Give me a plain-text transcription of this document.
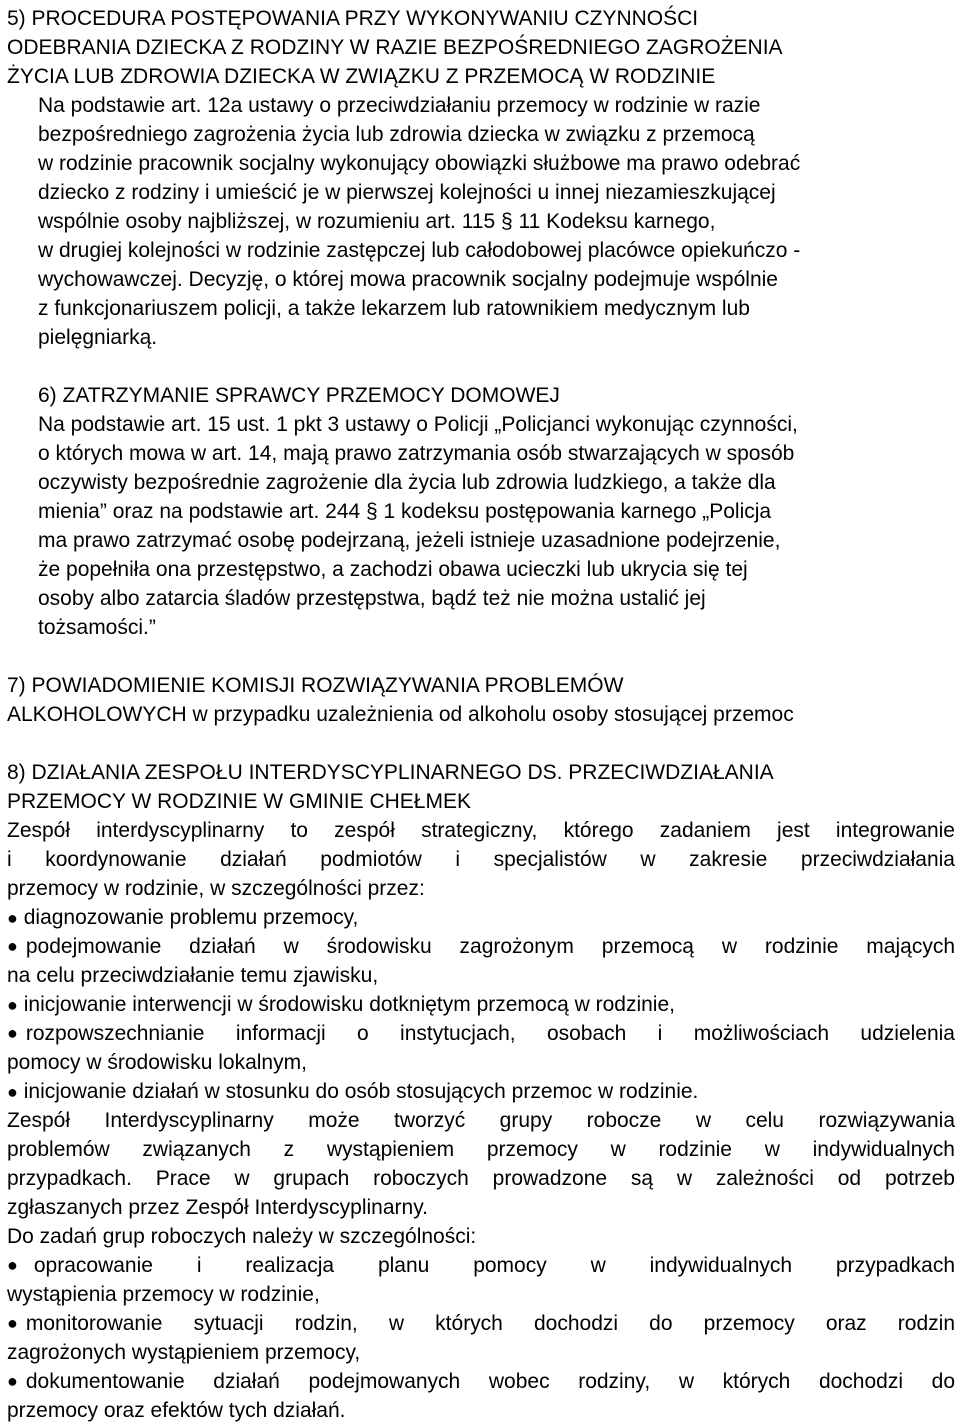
5) PROCEDURA POSTĘPOWANIA PRZY WYKONYWANIU CZYNNOŚCI
ODEBRANIA DZIECKA Z RODZINY W RAZIE BEZPOŚREDNIEGO ZAGROŻENIA
ŻYCIA LUB ZDROWIA DZIECKA W ZWIĄZKU Z PRZEMOCĄ W RODZINIE
Na podstawie art. 12a ustawy o przeciwdziałaniu przemocy w rodzinie w razie
bezpośredniego zagrożenia życia lub zdrowia dziecka w związku z przemocą
w rodzinie pracownik socjalny wykonujący obowiązki służbowe ma prawo odebrać
dziecko z rodziny i umieścić je w pierwszej kolejności u innej niezamieszkującej
wspólnie osoby najbliższej, w rozumieniu art. 115 § 11 Kodeksu karnego,
w drugiej kolejności w rodzinie zastępczej lub całodobowej placówce opiekuńczo -
wychowawczej. Decyzję, o której mowa pracownik socjalny podejmuje wspólnie
z funkcjonariuszem policji, a także lekarzem lub ratownikiem medycznym lub
pielęgniarką.
6) ZATRZYMANIE SPRAWCY PRZEMOCY DOMOWEJ
Na podstawie art. 15 ust. 1 pkt 3 ustawy o Policji „Policjanci wykonując czynności,
o których mowa w art. 14, mają prawo zatrzymania osób stwarzających w sposób
oczywisty bezpośrednie zagrożenie dla życia lub zdrowia ludzkiego, a także dla
mienia” oraz na podstawie art. 244 § 1 kodeksu postępowania karnego „Policja
ma prawo zatrzymać osobę podejrzaną, jeżeli istnieje uzasadnione podejrzenie,
że popełniła ona przestępstwo, a zachodzi obawa ucieczki lub ukrycia się tej
osoby albo zatarcia śladów przestępstwa, bądź też nie można ustalić jej
tożsamości.”
7) POWIADOMIENIE KOMISJI ROZWIĄZYWANIA PROBLEMÓW
ALKOHOLOWYCH w przypadku uzależnienia od alkoholu osoby stosującej przemoc
8) DZIAŁANIA ZESPOŁU INTERDYSCYPLINARNEGO DS. PRZECIWDZIAŁANIA
PRZEMOCY W RODZINIE W GMINIE CHEŁMEK
Zespół interdyscyplinarny to zespół strategiczny, którego zadaniem jest integrowanie
i koordynowanie działań podmiotów i specjalistów w zakresie przeciwdziałania
przemocy w rodzinie, w szczególności przez:
● diagnozowanie problemu przemocy,
● podejmowanie działań w środowisku zagrożonym przemocą w rodzinie mających
na celu przeciwdziałanie temu zjawisku,
● inicjowanie interwencji w środowisku dotkniętym przemocą w rodzinie,
● rozpowszechnianie informacji o instytucjach, osobach i możliwościach udzielenia
pomocy w środowisku lokalnym,
● inicjowanie działań w stosunku do osób stosujących przemoc w rodzinie.
Zespół Interdyscyplinarny może tworzyć grupy robocze w celu rozwiązywania
problemów związanych z wystąpieniem przemocy w rodzinie w indywidualnych
przypadkach. Prace w grupach roboczych prowadzone są w zależności od potrzeb
zgłaszanych przez Zespół Interdyscyplinarny.
Do zadań grup roboczych należy w szczególności:
● opracowanie i realizacja planu pomocy w indywidualnych przypadkach
wystąpienia przemocy w rodzinie,
● monitorowanie sytuacji rodzin, w których dochodzi do przemocy oraz rodzin
zagrożonych wystąpieniem przemocy,
● dokumentowanie działań podejmowanych wobec rodziny, w których dochodzi do
przemocy oraz efektów tych działań.
